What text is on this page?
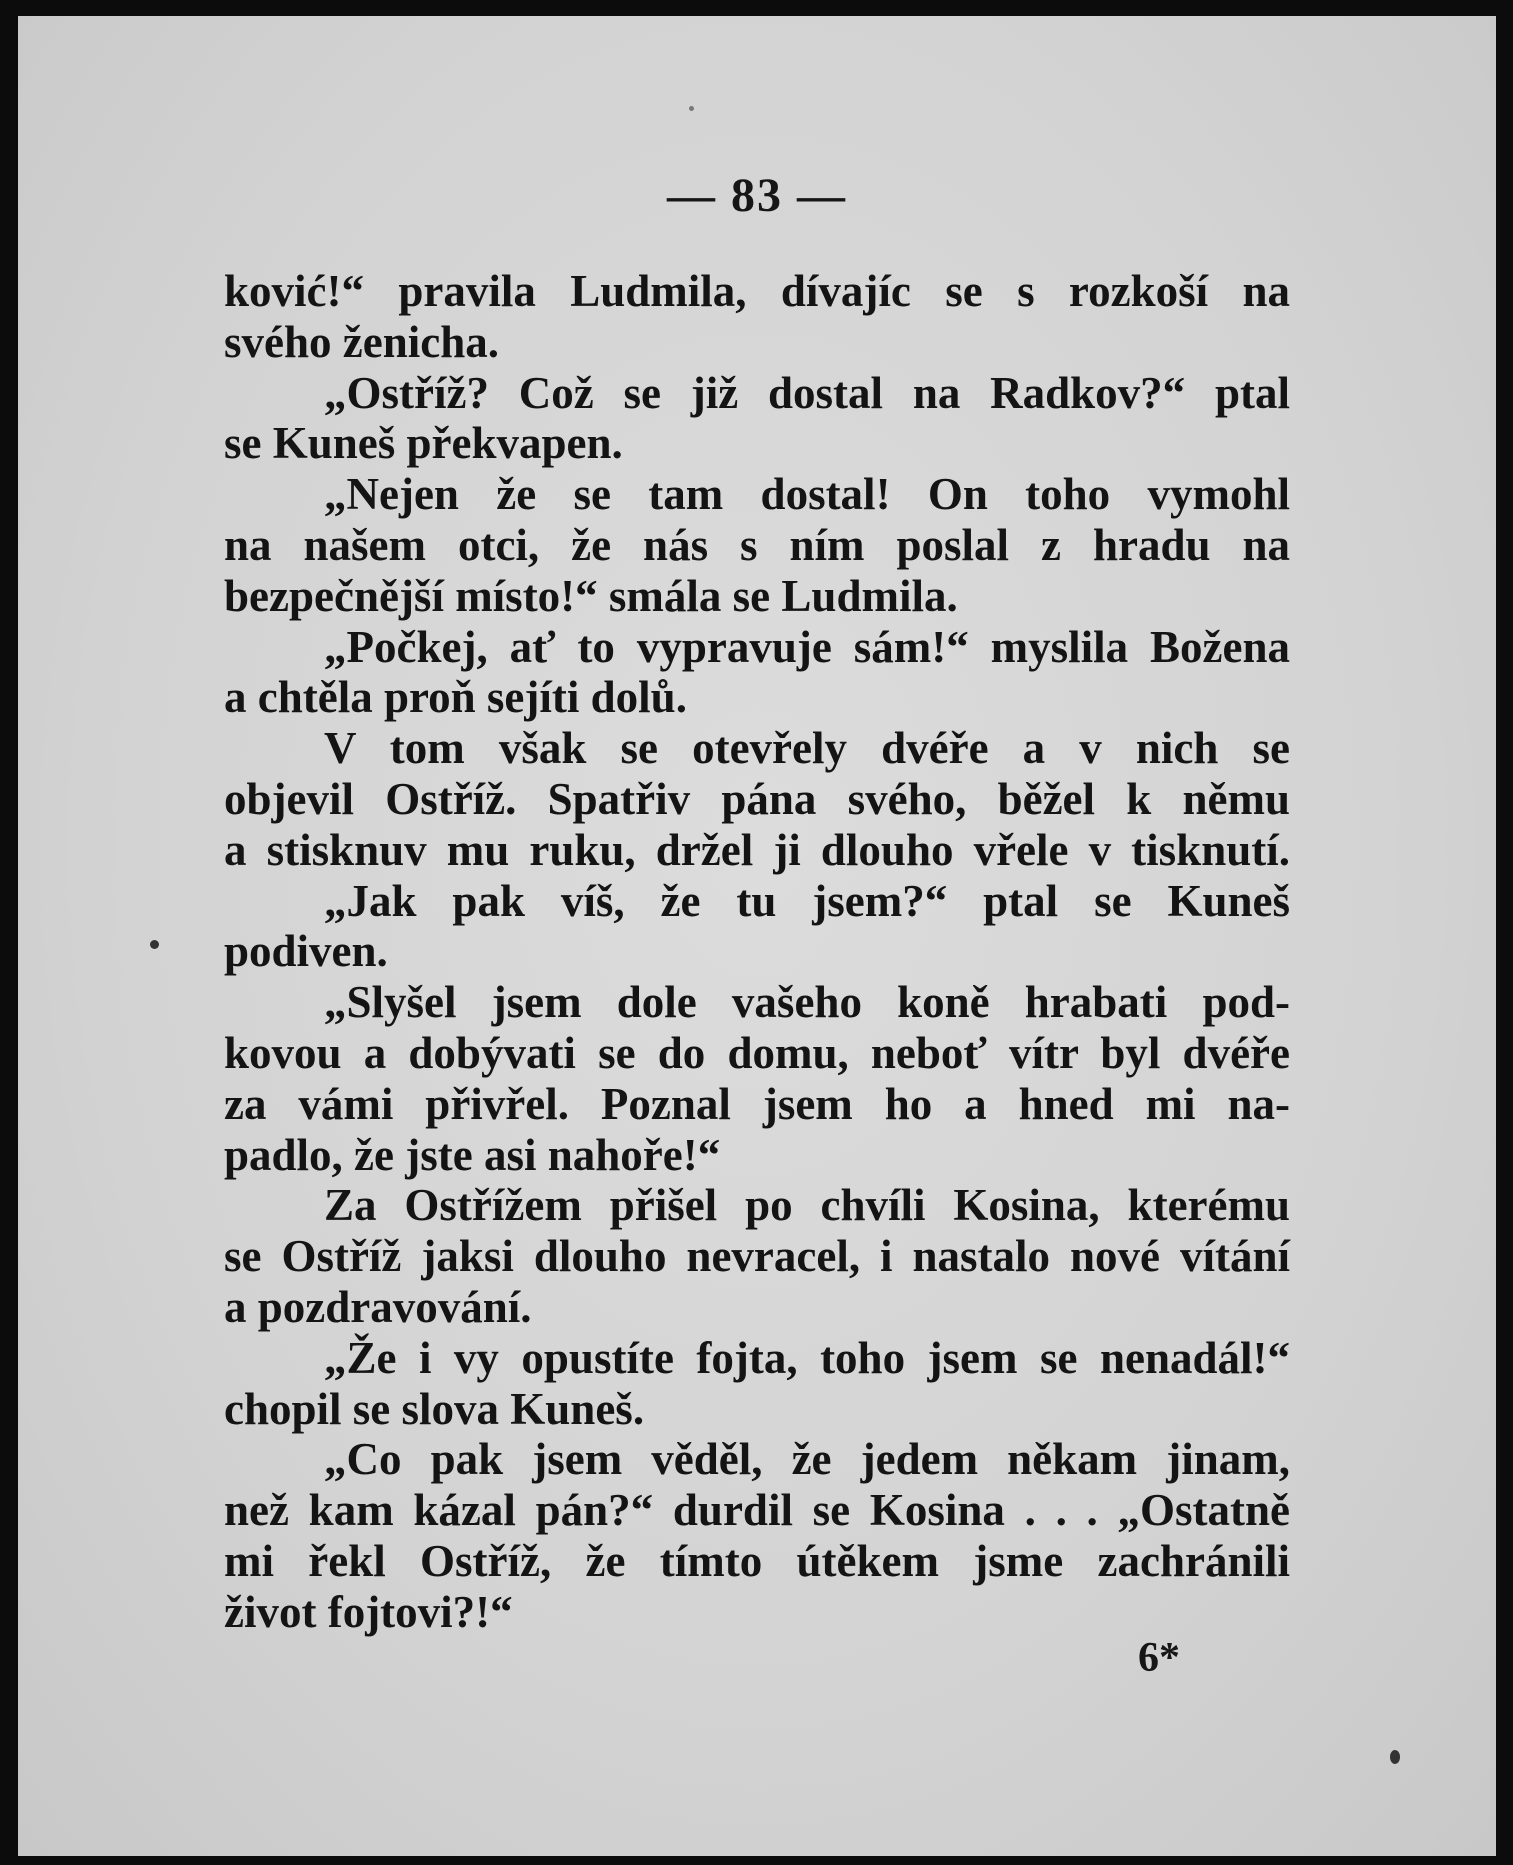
— 83 —
ković!“ pravila Ludmila, dívajíc se s rozkoší na
svého ženicha.
„Ostříž? Což se již dostal na Radkov?“ ptal
se Kuneš překvapen.
„Nejen že se tam dostal! On toho vymohl
na našem otci, že nás s ním poslal z hradu na
bezpečnější místo!“ smála se Ludmila.
„Počkej, ať to vypravuje sám!“ myslila Božena
a chtěla proň sejíti dolů.
V tom však se otevřely dvéře a v nich se
objevil Ostříž. Spatřiv pána svého, běžel k němu
a stisknuv mu ruku, držel ji dlouho vřele v tisknutí.
„Jak pak víš, že tu jsem?“ ptal se Kuneš
podiven.
„Slyšel jsem dole vašeho koně hrabati pod-
kovou a dobývati se do domu, neboť vítr byl dvéře
za vámi přivřel. Poznal jsem ho a hned mi na-
padlo, že jste asi nahoře!“
Za Ostřížem přišel po chvíli Kosina, kterému
se Ostříž jaksi dlouho nevracel, i nastalo nové vítání
a pozdravování.
„Že i vy opustíte fojta, toho jsem se nenadál!“
chopil se slova Kuneš.
„Co pak jsem věděl, že jedem někam jinam,
než kam kázal pán?“ durdil se Kosina . . . „Ostatně
mi řekl Ostříž, že tímto útěkem jsme zachránili
život fojtovi?!“
6*
